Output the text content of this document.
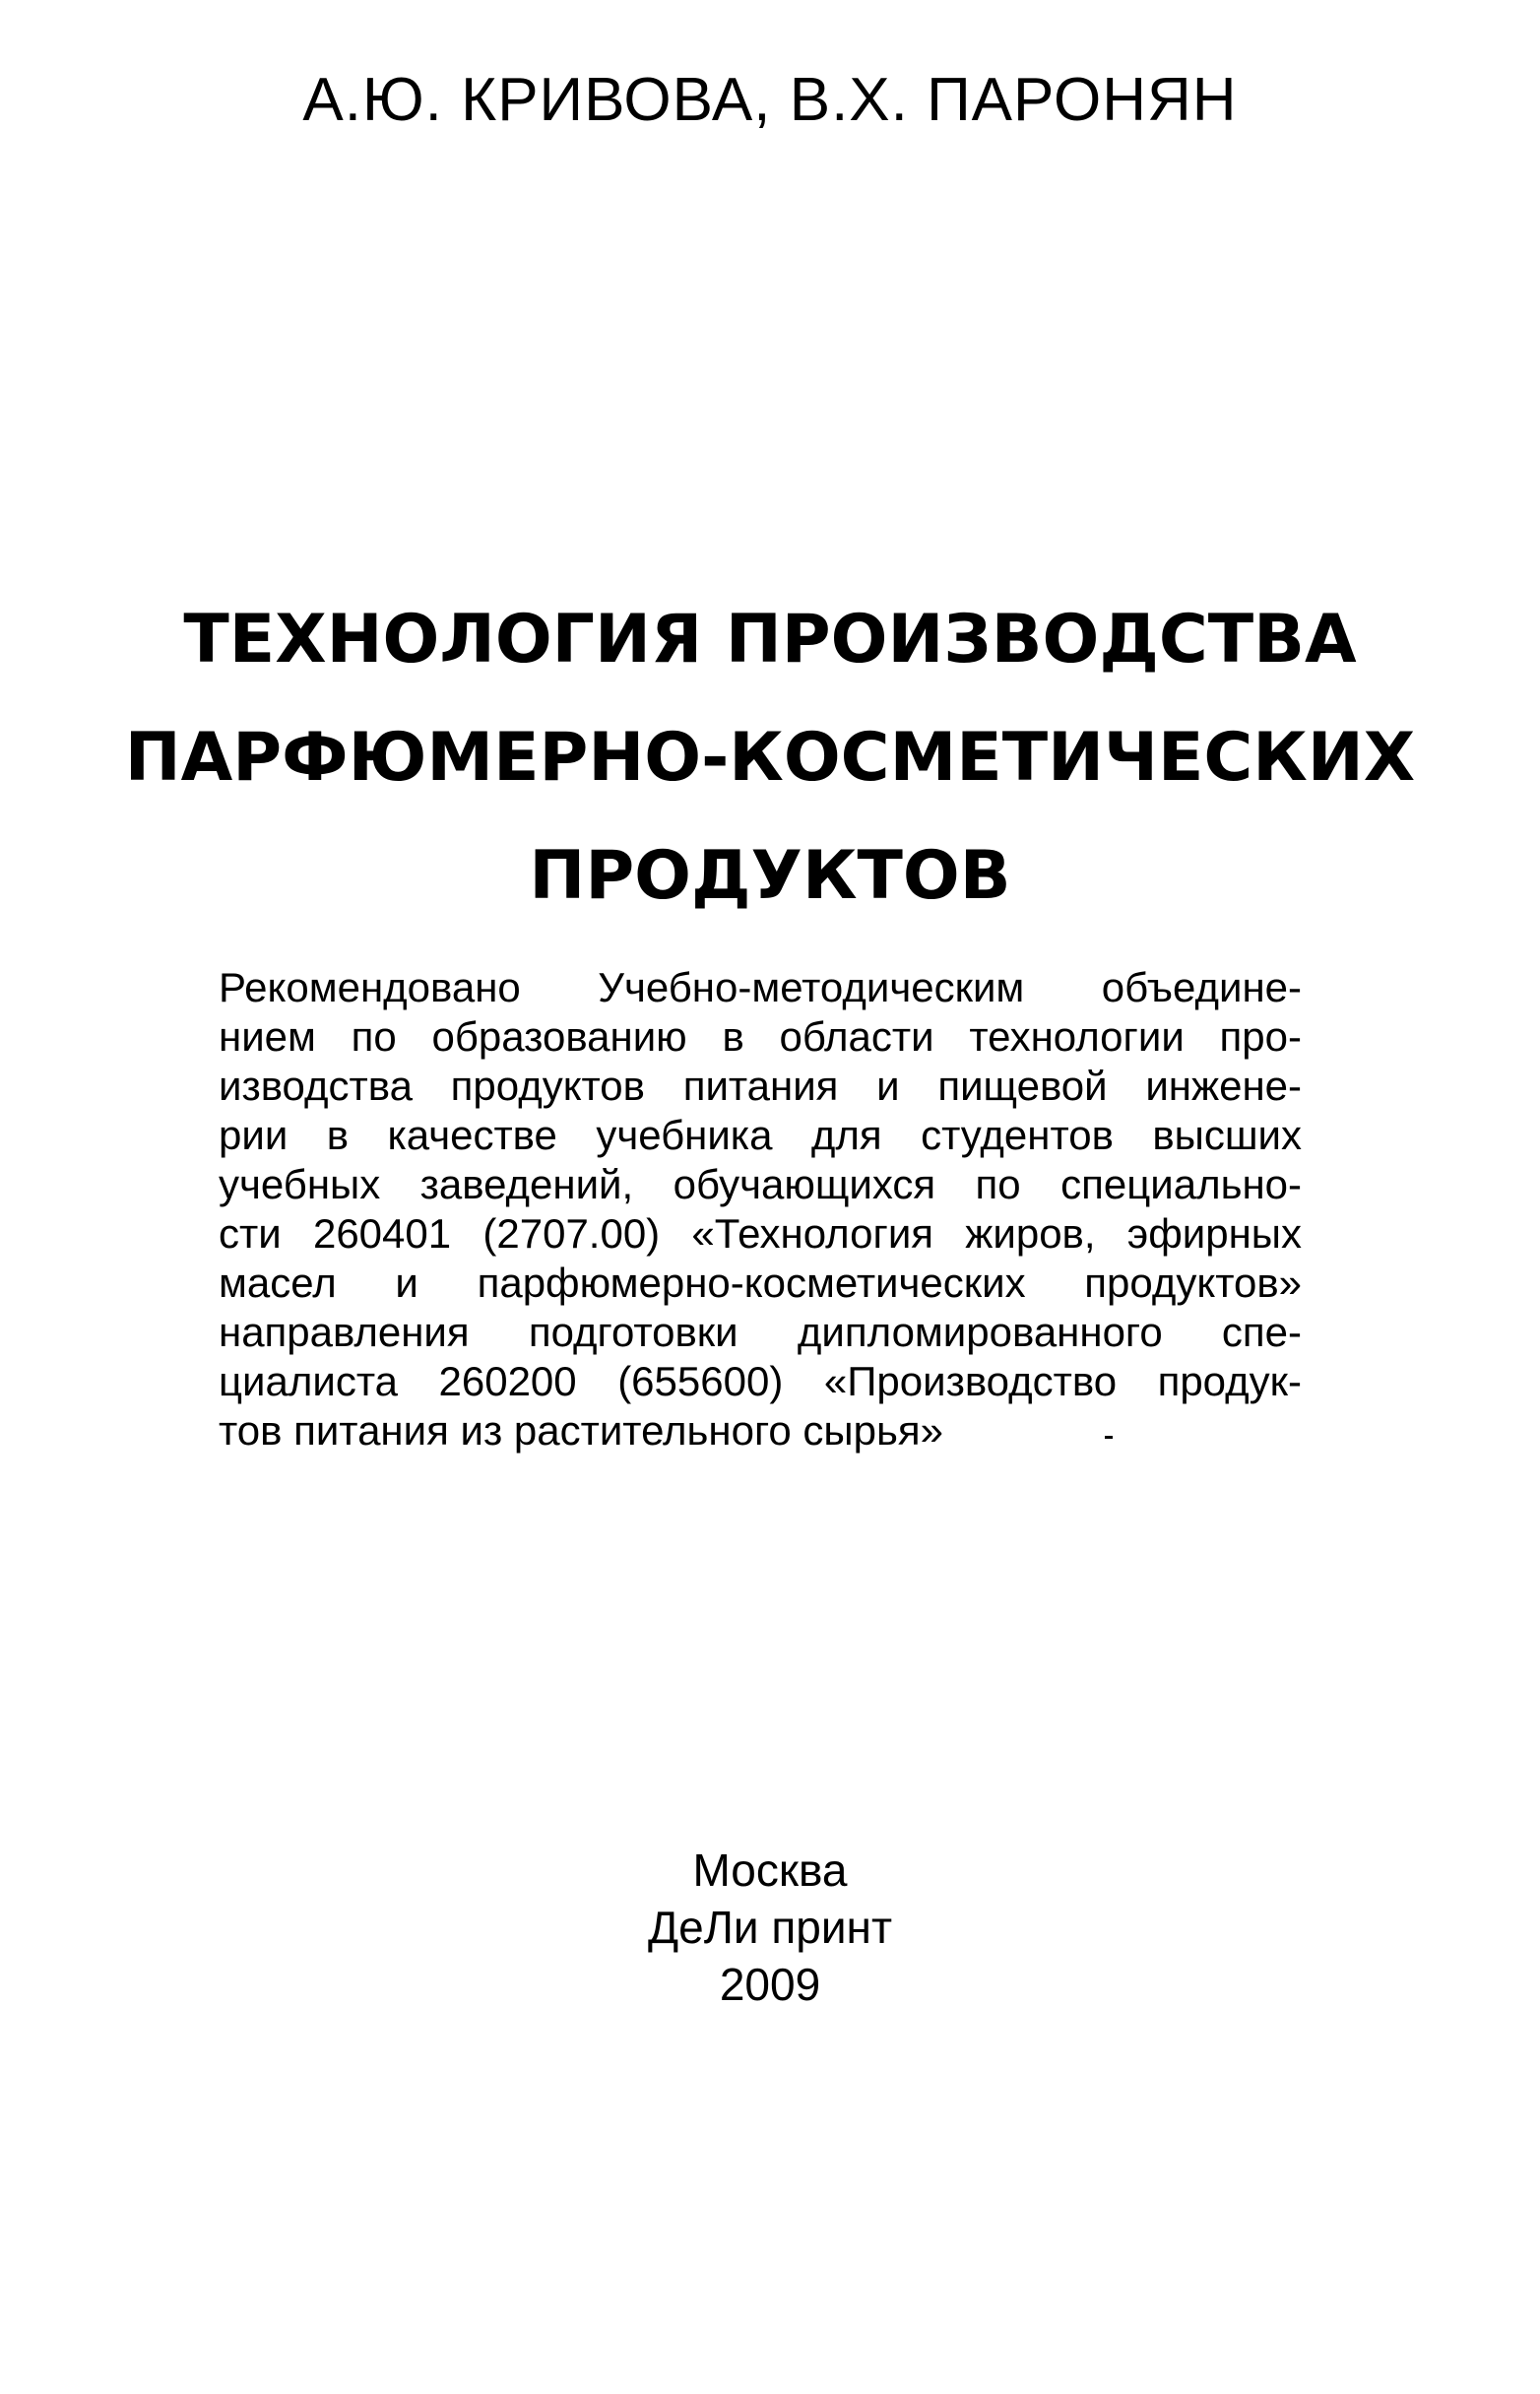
А.Ю. КРИВОВА, В.Х. ПАРОНЯН
ТЕХНОЛОГИЯ ПРОИЗВОДСТВА
ПАРФЮМЕРНО-КОСМЕТИЧЕСКИХ
ПРОДУКТОВ
Рекомендовано Учебно-методическим объедине-
нием по образованию в области технологии про-
изводства продуктов питания и пищевой инжене-
рии в качестве учебника для студентов высших
учебных заведений, обучающихся по специально-
сти 260401 (2707.00) «Технология жиров, эфирных
масел и парфюмерно-косметических продуктов»
направления подготовки дипломированного спе-
циалиста 260200 (655600) «Производство продук-
тов питания из растительного сырья»
Москва
ДеЛи принт
2009
